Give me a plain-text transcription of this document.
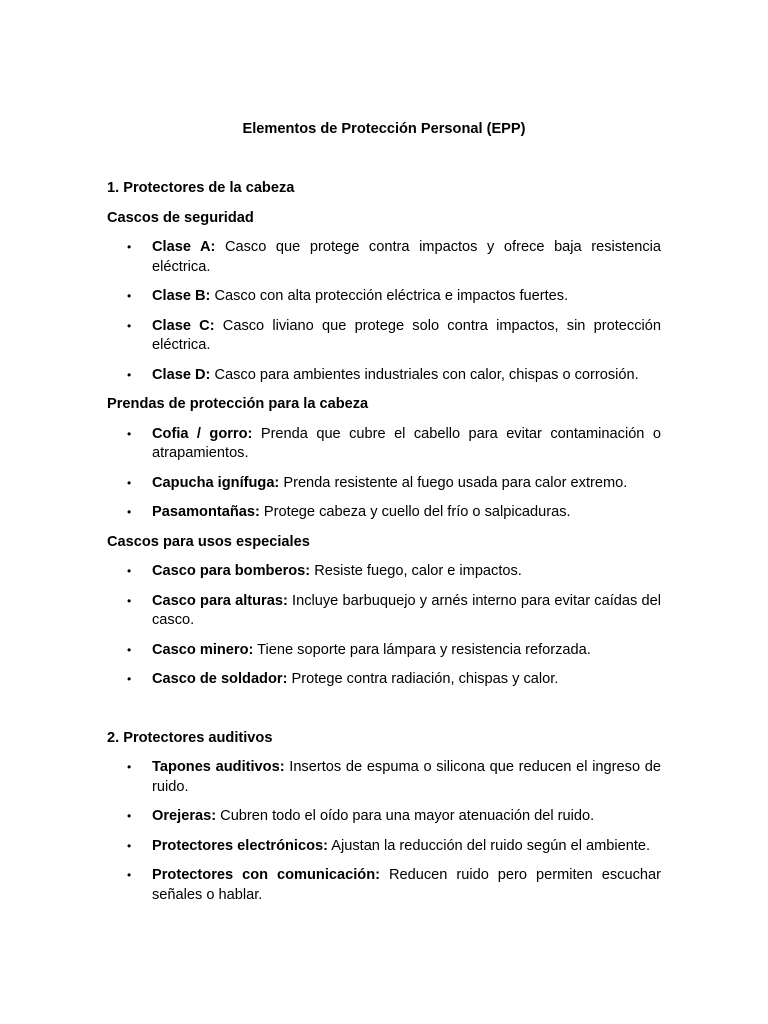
Elementos de Protección Personal (EPP)

1. Protectores de la cabeza

Cascos de seguridad

• Clase A: Casco que protege contra impactos y ofrece baja resistencia eléctrica.
• Clase B: Casco con alta protección eléctrica e impactos fuertes.
• Clase C: Casco liviano que protege solo contra impactos, sin protección eléctrica.
• Clase D: Casco para ambientes industriales con calor, chispas o corrosión.

Prendas de protección para la cabeza

• Cofia / gorro: Prenda que cubre el cabello para evitar contaminación o atrapamientos.
• Capucha ignífuga: Prenda resistente al fuego usada para calor extremo.
• Pasamontañas: Protege cabeza y cuello del frío o salpicaduras.

Cascos para usos especiales

• Casco para bomberos: Resiste fuego, calor e impactos.
• Casco para alturas: Incluye barbuquejo y arnés interno para evitar caídas del casco.
• Casco minero: Tiene soporte para lámpara y resistencia reforzada.
• Casco de soldador: Protege contra radiación, chispas y calor.

2. Protectores auditivos

• Tapones auditivos: Insertos de espuma o silicona que reducen el ingreso de ruido.
• Orejeras: Cubren todo el oído para una mayor atenuación del ruido.
• Protectores electrónicos: Ajustan la reducción del ruido según el ambiente.
• Protectores con comunicación: Reducen ruido pero permiten escuchar señales o hablar.
